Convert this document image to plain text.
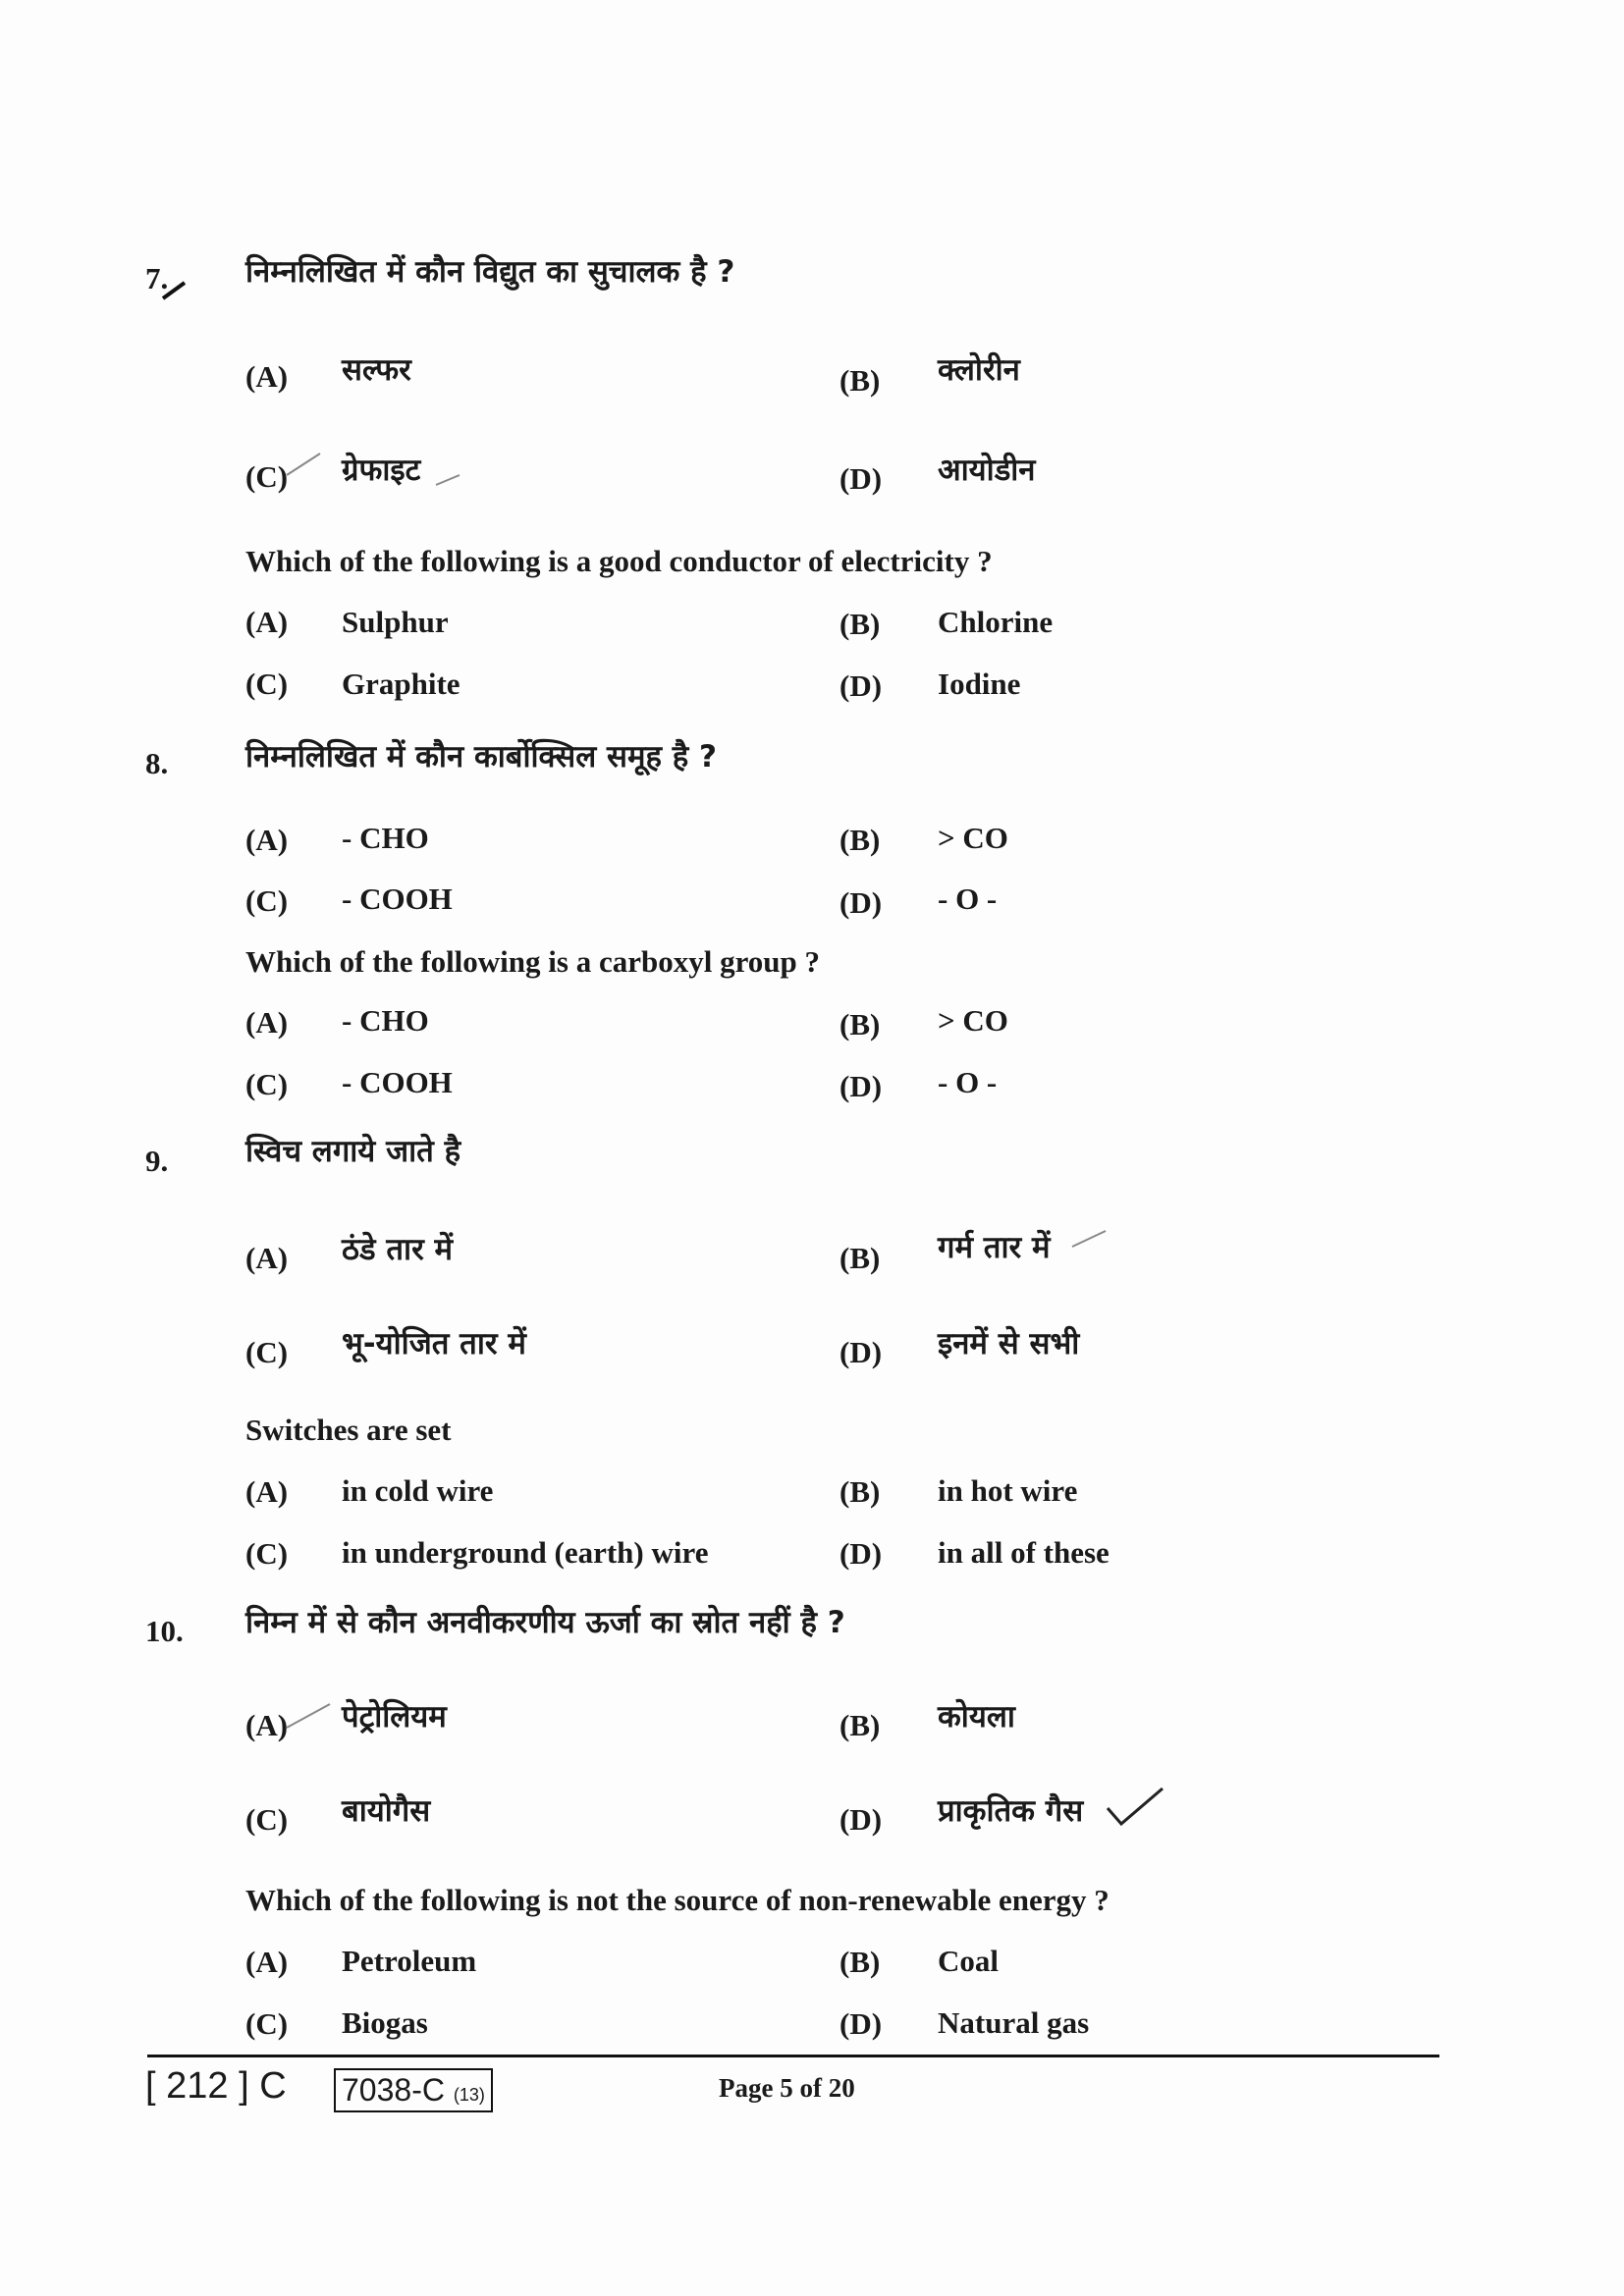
7.	निम्नलिखित में कौन विद्युत का सुचालक है ?
(A) सल्फर	(B) क्लोरीन
(C) ग्रेफाइट	(D) आयोडीन
Which of the following is a good conductor of electricity ?
(A) Sulphur	(B) Chlorine
(C) Graphite	(D) Iodine
8.	निम्नलिखित में कौन कार्बोक्सिल समूह है ?
(A) - CHO	(B) > CO
(C) - COOH	(D) - O -
Which of the following is a carboxyl group ?
(A) - CHO	(B) > CO
(C) - COOH	(D) - O -
9.	स्विच लगाये जाते है
(A) ठंडे तार में	(B) गर्म तार में
(C) भू-योजित तार में	(D) इनमें से सभी
Switches are set
(A) in cold wire	(B) in hot wire
(C) in underground (earth) wire	(D) in all of these
10. निम्न में से कौन अनवीकरणीय ऊर्जा का स्रोत नहीं है ?
(A) पेट्रोलियम	(B) कोयला
(C) बायोगैस	(D) प्राकृतिक गैस
Which of the following is not the source of non-renewable energy ?
(A) Petroleum	(B) Coal
(C) Biogas	(D) Natural gas
[ 212 ] C 7038-C (13)	Page 5 of 20
